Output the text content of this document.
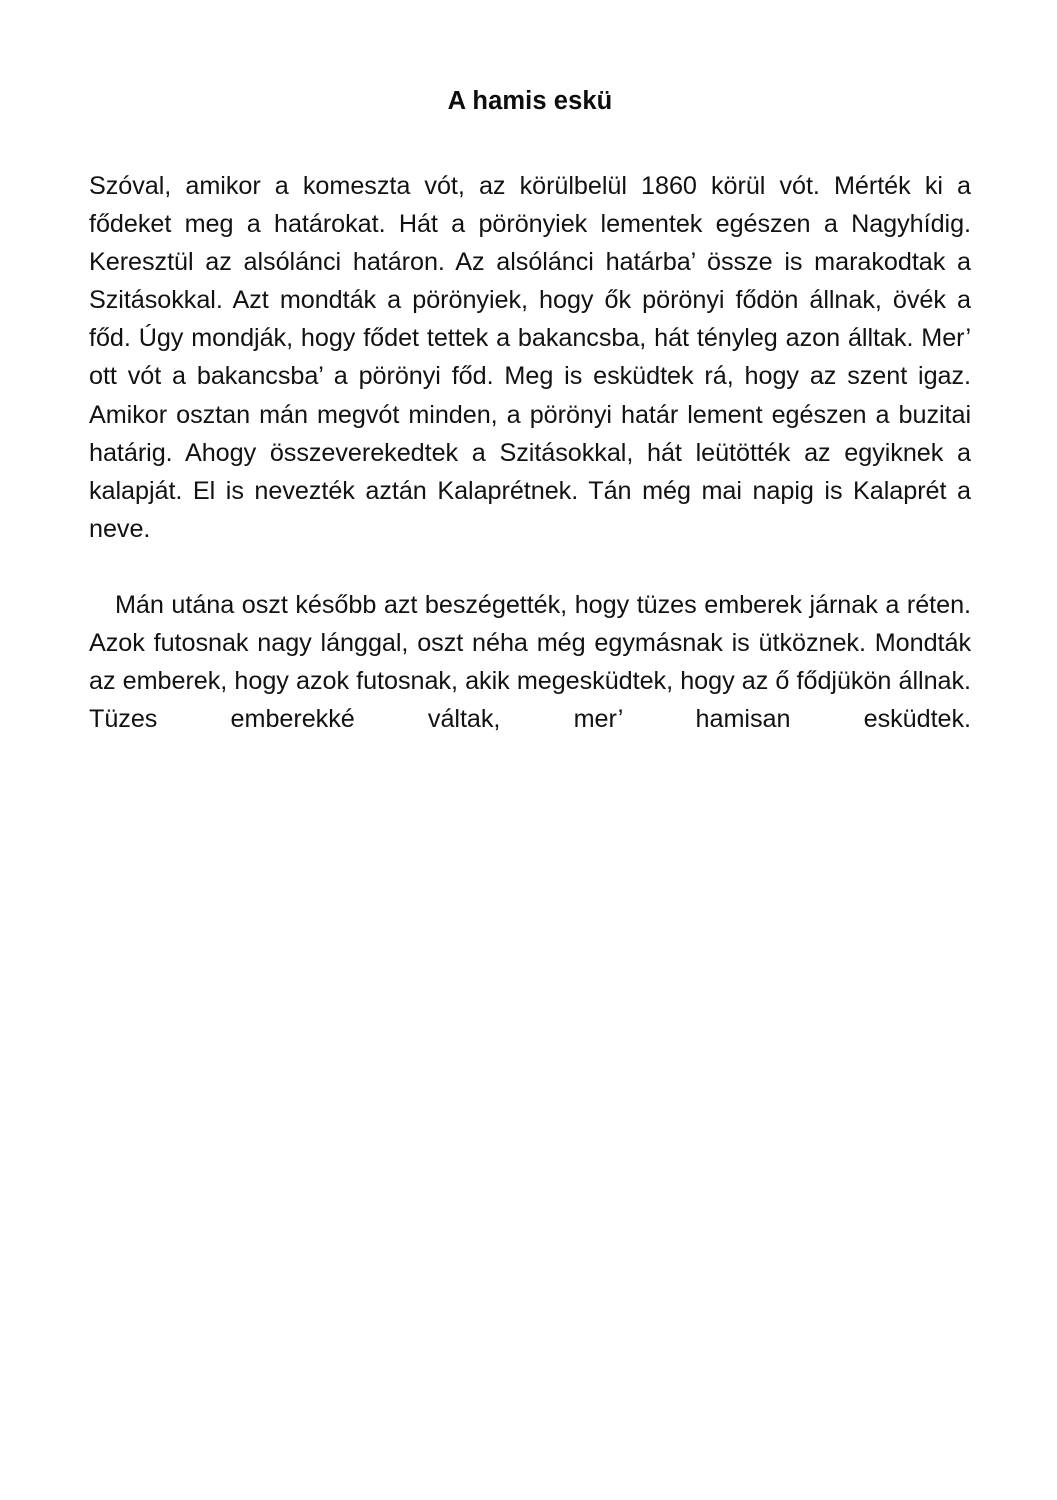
A hamis eskü

Szóval, amikor a komeszta vót, az körülbelül 1860 körül vót. Mérték ki a fődeket meg a határokat. Hát a pörönyiek lementek egészen a Nagyhídig. Keresztül az alsólánci határon. Az alsólánci határba’ össze is marakodtak a Szitásokkal. Azt mondták a pörönyiek, hogy ők pörönyi fődön állnak, övék a főd. Úgy mondják, hogy fődet tettek a bakancsba, hát tényleg azon álltak. Mer’ ott vót a bakancsba’ a pörönyi főd. Meg is esküdtek rá, hogy az szent igaz. Amikor osztan mán megvót minden, a pörönyi határ lement egészen a buzitai határig. Ahogy összeverekedtek a Szitásokkal, hát leütötték az egyiknek a kalapját. El is nevezték aztán Kalaprétnek. Tán még mai napig is Kalaprét a neve.

Mán utána oszt később azt beszégették, hogy tüzes emberek járnak a réten. Azok futosnak nagy lánggal, oszt néha még egymásnak is ütköznek. Mondták az emberek, hogy azok futosnak, akik megesküdtek, hogy az ő fődjükön állnak. Tüzes emberekké váltak, mer’ hamisan esküdtek.
